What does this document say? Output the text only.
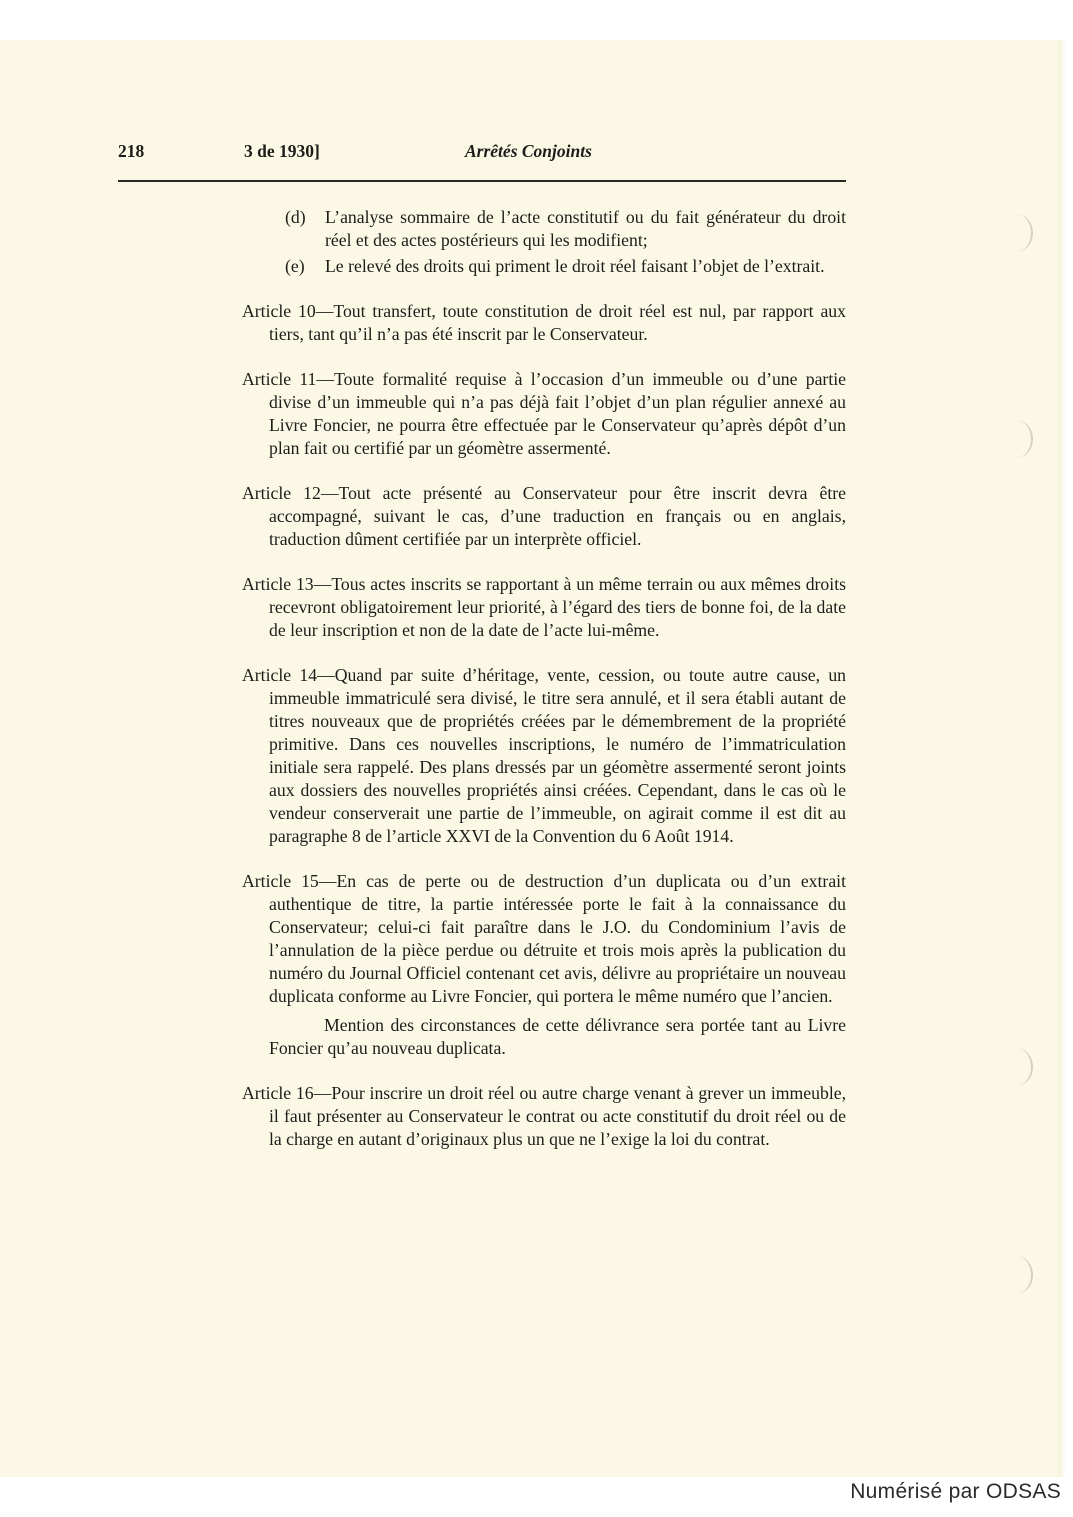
218	3 de 1930]	Arrêtés Conjoints
(d) L’analyse sommaire de l’acte constitutif ou du fait générateur du droit réel et des actes postérieurs qui les modifient;
(e) Le relevé des droits qui priment le droit réel faisant l’objet de l’extrait.
Article 10—Tout transfert, toute constitution de droit réel est nul, par rapport aux tiers, tant qu’il n’a pas été inscrit par le Conservateur.
Article 11—Toute formalité requise à l’occasion d’un immeuble ou d’une partie divise d’un immeuble qui n’a pas déjà fait l’objet d’un plan régulier annexé au Livre Foncier, ne pourra être effectuée par le Conservateur qu’après dépôt d’un plan fait ou certifié par un géomètre assermenté.
Article 12—Tout acte présenté au Conservateur pour être inscrit devra être accompagné, suivant le cas, d’une traduction en français ou en anglais, traduction dûment certifiée par un interprète officiel.
Article 13—Tous actes inscrits se rapportant à un même terrain ou aux mêmes droits recevront obligatoirement leur priorité, à l’égard des tiers de bonne foi, de la date de leur inscription et non de la date de l’acte lui-même.
Article 14—Quand par suite d’héritage, vente, cession, ou toute autre cause, un immeuble immatriculé sera divisé, le titre sera annulé, et il sera établi autant de titres nouveaux que de propriétés créées par le démembrement de la propriété primitive. Dans ces nouvelles inscriptions, le numéro de l’immatriculation initiale sera rappelé. Des plans dressés par un géomètre assermenté seront joints aux dossiers des nouvelles propriétés ainsi créées. Cependant, dans le cas où le vendeur conserverait une partie de l’immeuble, on agirait comme il est dit au paragraphe 8 de l’article XXVI de la Convention du 6 Août 1914.
Article 15—En cas de perte ou de destruction d’un duplicata ou d’un extrait authentique de titre, la partie intéressée porte le fait à la connaissance du Conservateur; celui-ci fait paraître dans le J.O. du Condominium l’avis de l’annulation de la pièce perdue ou détruite et trois mois après la publication du numéro du Journal Officiel contenant cet avis, délivre au propriétaire un nouveau duplicata conforme au Livre Foncier, qui portera le même numéro que l’ancien.
Mention des circonstances de cette délivrance sera portée tant au Livre Foncier qu’au nouveau duplicata.
Article 16—Pour inscrire un droit réel ou autre charge venant à grever un immeuble, il faut présenter au Conservateur le contrat ou acte constitutif du droit réel ou de la charge en autant d’originaux plus un que ne l’exige la loi du contrat.
Numérisé par ODSAS
